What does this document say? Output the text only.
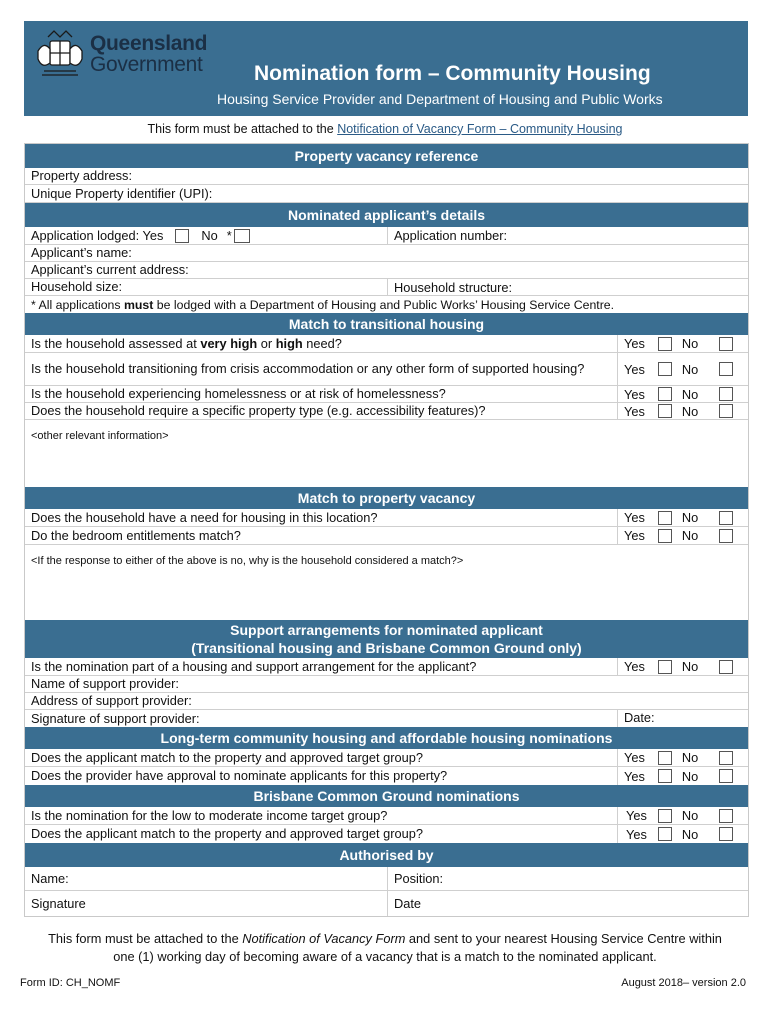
Queensland
Government	Nomination form – Community Housing
Housing Service Provider and Department of Housing and Public Works
This form must be attached to the Notification of Vacancy Form – Community Housing
Property vacancy reference
Property address:
Unique Property identifier (UPI):
Nominated applicant’s details
Application lodged: Yes	No *	Application number:
Applicant’s name:
Applicant’s current address:
Household size:	Household structure:
* All applications must be lodged with a Department of Housing and Public Works’ Housing Service Centre.
Match to transitional housing
Is the household assessed at very high or high need?	Yes	No
Is the household transitioning from crisis accommodation or any other form of supported housing?	Yes	No
Is the household experiencing homelessness or at risk of homelessness?	Yes	No
Does the household require a specific property type (e.g. accessibility features)?	Yes	No
<other relevant information>
Match to property vacancy
Does the household have a need for housing in this location?	Yes	No
Do the bedroom entitlements match?	Yes	No
<If the response to either of the above is no, why is the household considered a match?>
Support arrangements for nominated applicant
(Transitional housing and Brisbane Common Ground only)
Is the nomination part of a housing and support arrangement for the applicant?	Yes	No
Name of support provider:
Address of support provider:
Signature of support provider:	Date:
Long-term community housing and affordable housing nominations
Does the applicant match to the property and approved target group?	Yes	No
Does the provider have approval to nominate applicants for this property?	Yes	No
Brisbane Common Ground nominations
Is the nomination for the low to moderate income target group?	Yes	No
Does the applicant match to the property and approved target group?	Yes	No
Authorised by
Name:	Position:
Signature	Date
This form must be attached to the Notification of Vacancy Form and sent to your nearest Housing Service Centre within
one (1) working day of becoming aware of a vacancy that is a match to the nominated applicant.
Form ID: CH_NOMF	August 2018– version 2.0
